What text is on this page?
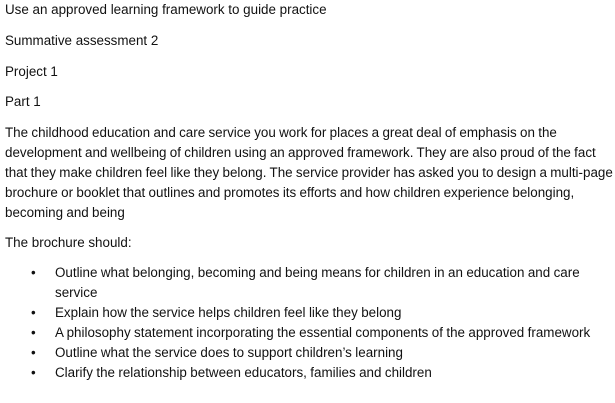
Use an approved learning framework to guide practice

Summative assessment 2

Project 1

Part 1

The childhood education and care service you work for places a great deal of emphasis on the development and wellbeing of children using an approved framework. They are also proud of the fact that they make children feel like they belong. The service provider has asked you to design a multi-page brochure or booklet that outlines and promotes its efforts and how children experience belonging, becoming and being

The brochure should:

• Outline what belonging, becoming and being means for children in an education and care service
• Explain how the service helps children feel like they belong
• A philosophy statement incorporating the essential components of the approved framework
• Outline what the service does to support children’s learning
• Clarify the relationship between educators, families and children
